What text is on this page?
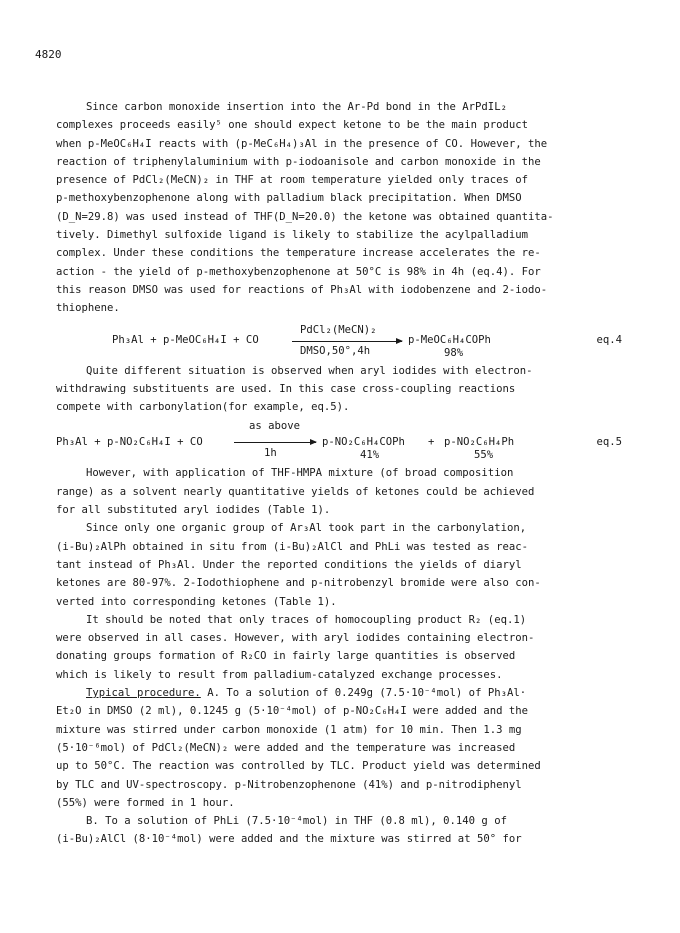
4820

Since carbon monoxide insertion into the Ar-Pd bond in the ArPdIL₂
complexes proceeds easily⁵ one should expect ketone to be the main product
when p-MeOC₆H₄I reacts with (p-MeC₆H₄)₃Al in the presence of CO. However, the
reaction of triphenylaluminium with p-iodoanisole and carbon monoxide in the
presence of PdCl₂(MeCN)₂ in THF at room temperature yielded only traces of
p-methoxybenzophenone along with palladium black precipitation. When DMSO
(D_N=29.8) was used instead of THF(D_N=20.0) the ketone was obtained quantita-
tively. Dimethyl sulfoxide ligand is likely to stabilize the acylpalladium
complex. Under these conditions the temperature increase accelerates the re-
action - the yield of p-methoxybenzophenone at 50°C is 98% in 4h (eq.4). For
this reason DMSO was used for reactions of Ph₃Al with iodobenzene and 2-iodo-
thiophene.

Ph₃Al + p-MeOC₆H₄I + CO
PdCl₂(MeCN)₂
DMSO,50°,4h
p-MeOC₆H₄COPh
98%
eq.4

Quite different situation is observed when aryl iodides with electron-
withdrawing substituents are used. In this case cross-coupling reactions
compete with carbonylation(for example, eq.5).

Ph₃Al + p-NO₂C₆H₄I + CO
as above
1h
p-NO₂C₆H₄COPh
41%
+ p-NO₂C₆H₄Ph
55%
eq.5

However, with application of THF-HMPA mixture (of broad composition
range) as a solvent nearly quantitative yields of ketones could be achieved
for all substituted aryl iodides (Table 1).

Since only one organic group of Ar₃Al took part in the carbonylation,
(i-Bu)₂AlPh obtained in situ from (i-Bu)₂AlCl and PhLi was tested as reac-
tant instead of Ph₃Al. Under the reported conditions the yields of diaryl
ketones are 80-97%. 2-Iodothiophene and p-nitrobenzyl bromide were also con-
verted into corresponding ketones (Table 1).

It should be noted that only traces of homocoupling product R₂ (eq.1)
were observed in all cases. However, with aryl iodides containing electron-
donating groups formation of R₂CO in fairly large quantities is observed
which is likely to result from palladium-catalyzed exchange processes.

Typical procedure. A. To a solution of 0.249g (7.5·10⁻⁴mol) of Ph₃Al·
Et₂O in DMSO (2 ml), 0.1245 g (5·10⁻⁴mol) of p-NO₂C₆H₄I were added and the
mixture was stirred under carbon monoxide (1 atm) for 10 min. Then 1.3 mg
(5·10⁻⁶mol) of PdCl₂(MeCN)₂ were added and the temperature was increased
up to 50°C. The reaction was controlled by TLC. Product yield was determined
by TLC and UV-spectroscopy. p-Nitrobenzophenone (41%) and p-nitrodiphenyl
(55%) were formed in 1 hour.

B. To a solution of PhLi (7.5·10⁻⁴mol) in THF (0.8 ml), 0.140 g of
(i-Bu)₂AlCl (8·10⁻⁴mol) were added and the mixture was stirred at 50° for
